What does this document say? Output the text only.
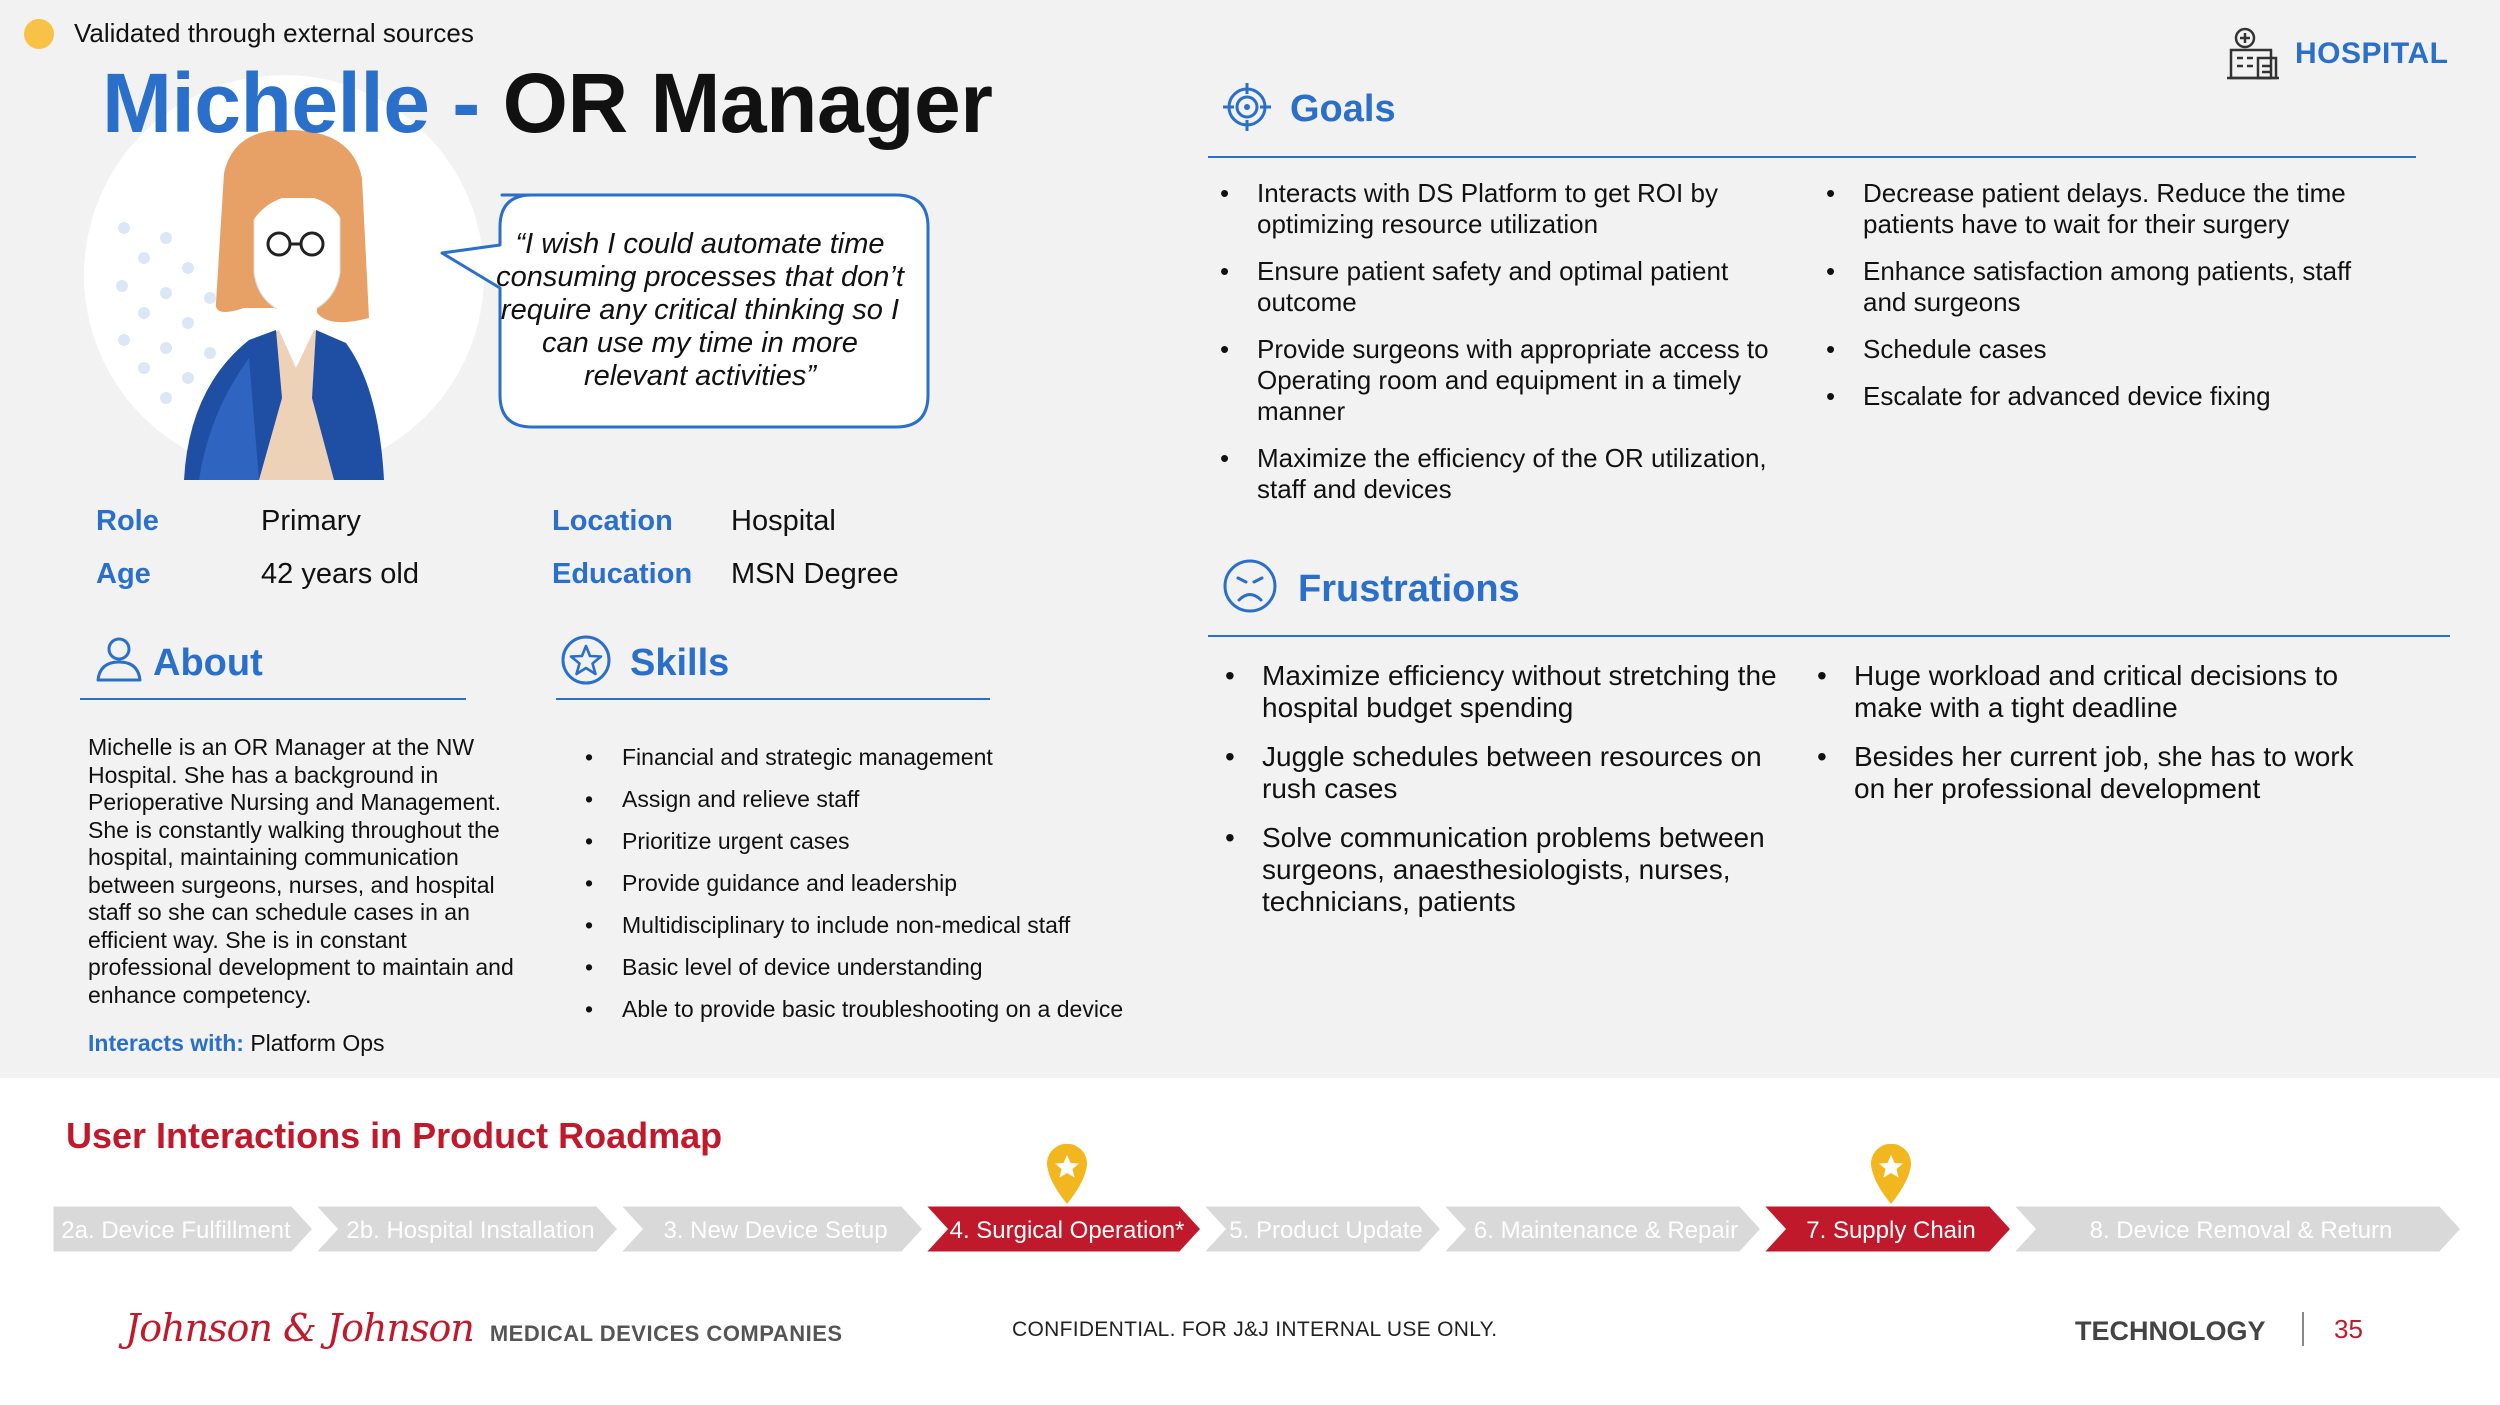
Validated through external sources
Michelle - OR Manager
“I wish I could automate time consuming processes that don’t require any critical thinking so I can use my time in more relevant activities”
Role	Primary
Age	42 years old
Location Hospital
Education MSN Degree
About
Michelle is an OR Manager at the NW Hospital. She has a background in Perioperative Nursing and Management. She is constantly walking throughout the hospital, maintaining communication between surgeons, nurses, and hospital staff so she can schedule cases in an efficient way. She is in constant professional development to maintain and enhance competency.
Interacts with: Platform Ops
Skills
• Financial and strategic management
• Assign and relieve staff
• Prioritize urgent cases
• Provide guidance and leadership
• Multidisciplinary to include non-medical staff
• Basic level of device understanding
• Able to provide basic troubleshooting on a device
HOSPITAL
Goals
• Interacts with DS Platform to get ROI by optimizing resource utilization
• Ensure patient safety and optimal patient outcome
• Provide surgeons with appropriate access to Operating room and equipment in a timely manner
• Maximize the efficiency of the OR utilization, staff and devices
• Decrease patient delays. Reduce the time patients have to wait for their surgery
• Enhance satisfaction among patients, staff and surgeons
• Schedule cases
• Escalate for advanced device fixing
Frustrations
• Maximize efficiency without stretching the hospital budget spending
• Juggle schedules between resources on rush cases
• Solve communication problems between surgeons, anaesthesiologists, nurses, technicians, patients
• Huge workload and critical decisions to make with a tight deadline
• Besides her current job, she has to work on her professional development
User Interactions in Product Roadmap
2a. Device Fulfillment	2b. Hospital Installation	3. New Device Setup	4. Surgical Operation*	5. Product Update	6. Maintenance & Repair	7. Supply Chain	8. Device Removal & Return
Johnson & Johnson MEDICAL DEVICES COMPANIES	CONFIDENTIAL. FOR J&J INTERNAL USE ONLY.	TECHNOLOGY	35
